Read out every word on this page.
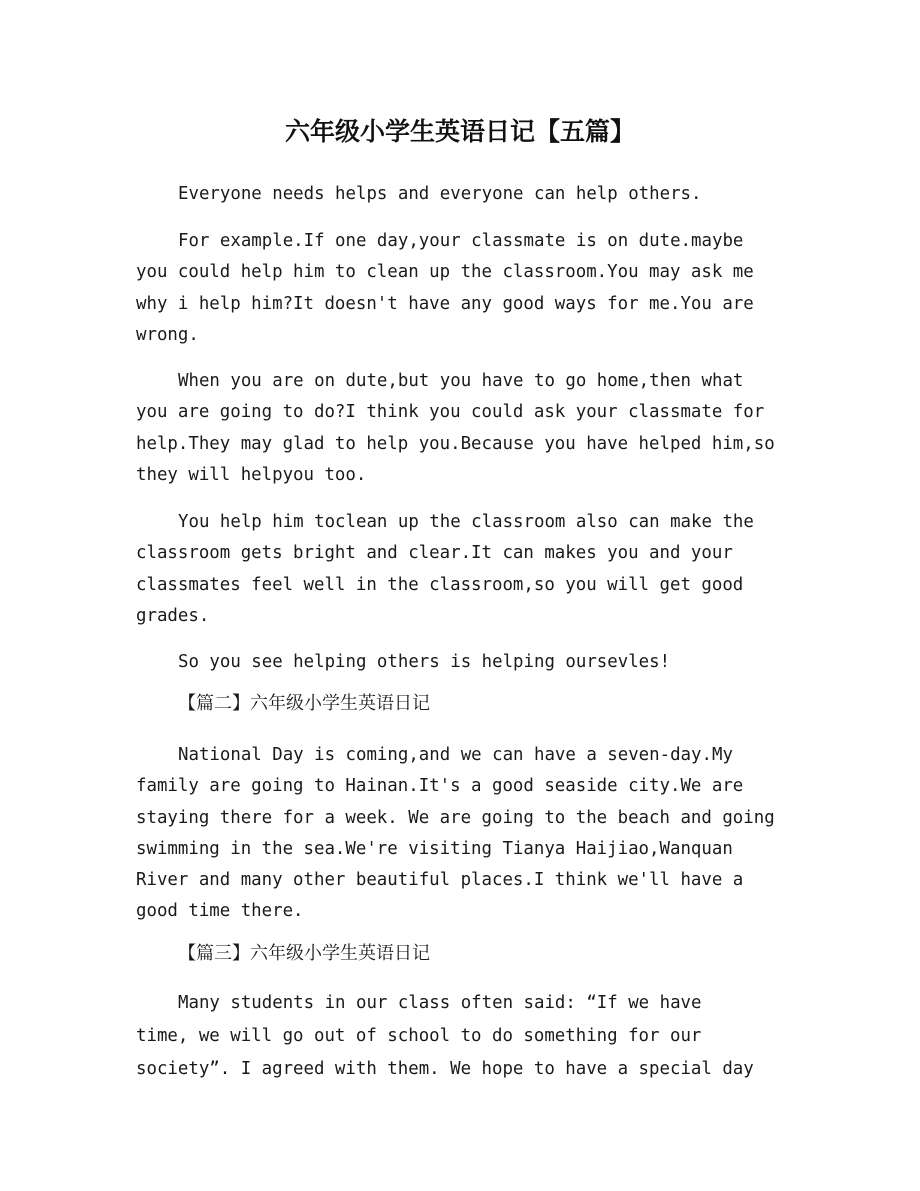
六年级小学生英语日记【五篇】

Everyone needs helps and everyone can help others.

For example.If one day,your classmate is on dute.maybe
you could help him to clean up the classroom.You may ask me
why i help him?It doesn't have any good ways for me.You are
wrong.

When you are on dute,but you have to go home,then what
you are going to do?I think you could ask your classmate for
help.They may glad to help you.Because you have helped him,so
they will helpyou too.

You help him toclean up the classroom also can make the
classroom gets bright and clear.It can makes you and your
classmates feel well in the classroom,so you will get good
grades.

So you see helping others is helping oursevles!

【篇二】六年级小学生英语日记

National Day is coming,and we can have a seven-day.My
family are going to Hainan.It's a good seaside city.We are
staying there for a week. We are going to the beach and going
swimming in the sea.We're visiting Tianya Haijiao,Wanquan
River and many other beautiful places.I think we'll have a
good time there.

【篇三】六年级小学生英语日记

Many students in our class often said: “If we have
time, we will go out of school to do something for our
society”. I agreed with them. We hope to have a special day
